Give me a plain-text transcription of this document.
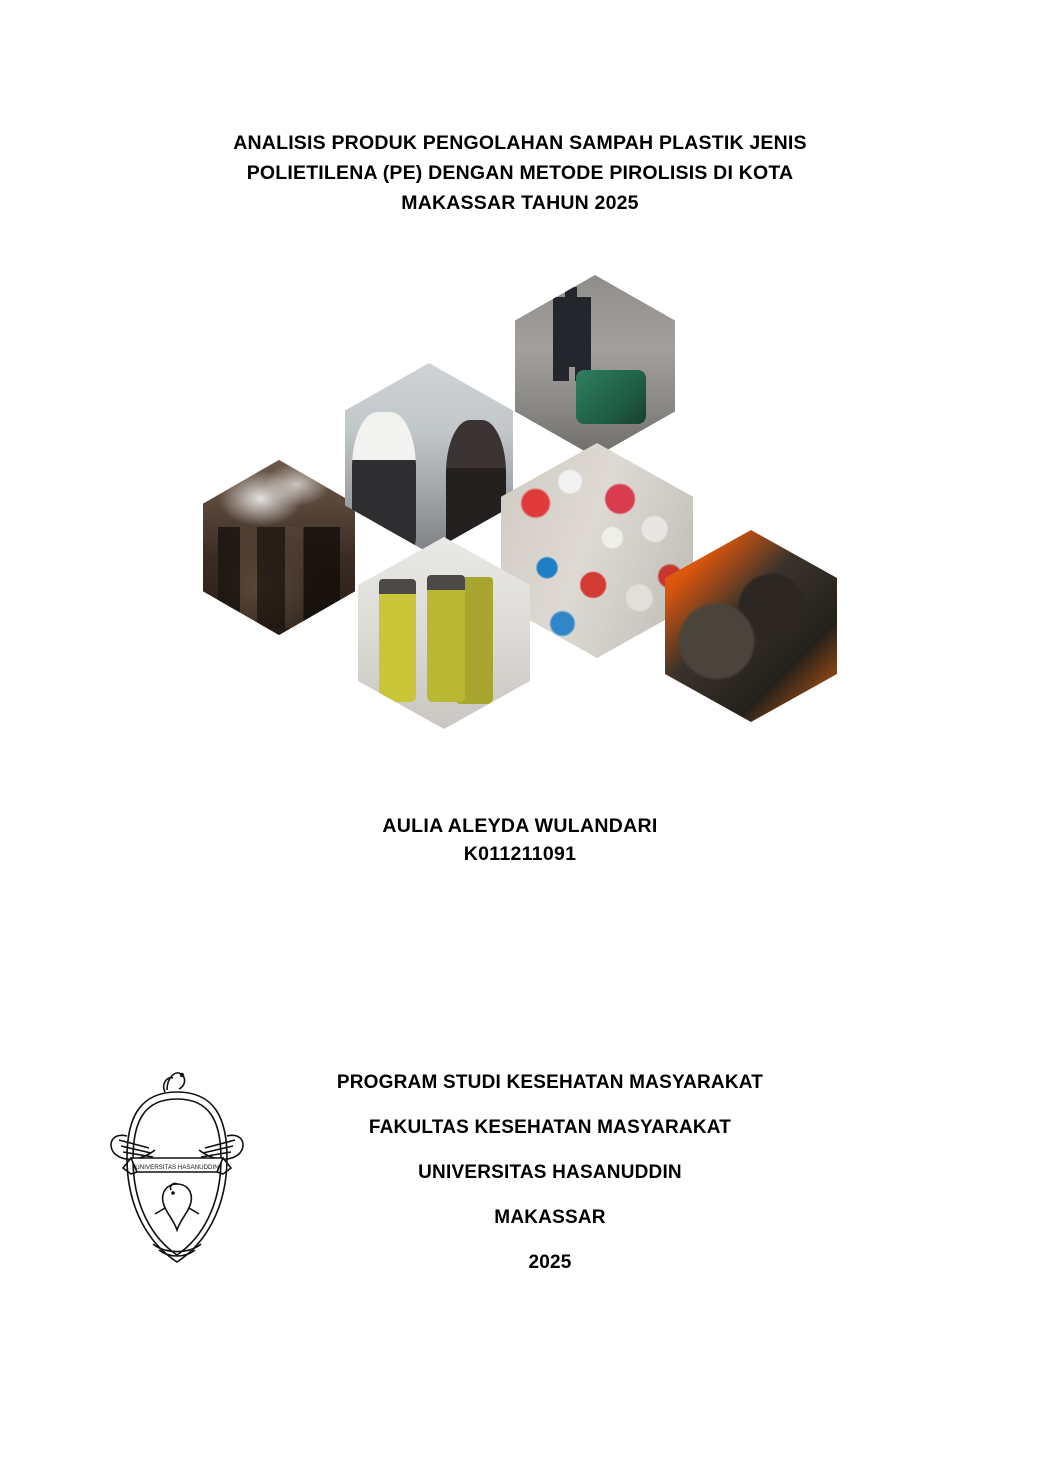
ANALISIS PRODUK PENGOLAHAN SAMPAH PLASTIK JENIS
POLIETILENA (PE) DENGAN METODE PIROLISIS DI KOTA
MAKASSAR TAHUN 2025
AULIA ALEYDA WULANDARI
K011211091
UNIVERSITAS HASANUDDIN
PROGRAM STUDI KESEHATAN MASYARAKAT
FAKULTAS KESEHATAN MASYARAKAT
UNIVERSITAS HASANUDDIN
MAKASSAR
2025
